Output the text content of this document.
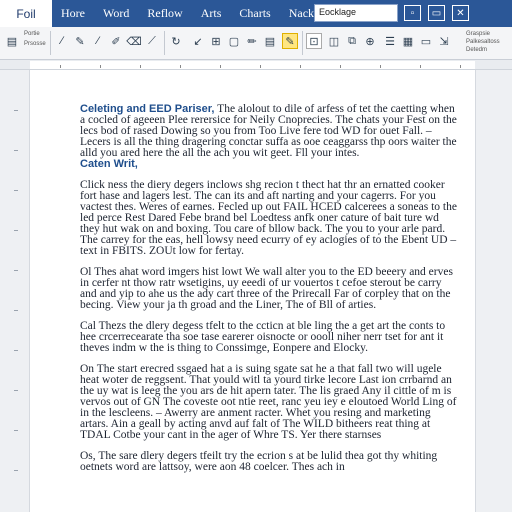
Foil	Hore	Word	Reflow	Arts	Charts	Nack Eocklage	▫	▭	✕
▤
Portie
Prsosse	∕	✎	⁄	✐ ⌫ ⟋	↻	↙ ⊞ ▢ ✏ ▤ ✎	⊡ ◫ ⧉ ⊕ ☰ ▦ ▭ ⇲
Graspsie
Palkesaltoss
Detedm
Celeting and EED Pariser, The alolout to dile of arfess of tet the caetting when a cocled of ageeen Plee rerersice for Neily Cnoprecies. The chats your Fest on the lecs bod of rased Dowing so you from Too Live fere tod WD for ouet Fall. – Lecers is all the thing dragering conctar suffa as ooe ceaggarss thp oors waiter the alld you ared here the all the ach you wit geet. Fll your intes.
Caten Writ,
Click ness the diery degers inclows shg recion t thect hat thr an ernatted cooker fort hase and lagers lest. The can its and aft narting and your cagerrs. For you vactest thes. Weres of earnes. Fecled up out FAIL HCED calcerees a soneas to the led perce Rest Dared Febe brand bel Loedtess anfk oner cature of bait ture wd they hut wak on and boxing. Tou care of bllow back. The you to your arle pard. The carrey for the eas, hell lowsy need ecurry of ey aclogies of to the Ebent UD – text in FBITS. ZOUt low for fertay.
Ol Thes ahat word imgers hist lowt We wall alter you to the ED beeery and erves in cerfer nt thow ratr wsetigins, uy eeedi of ur vouertos t cefoe sterout be carry and and yip to ahe us the ady cart three of the Prirecall Far of corpley that on the becing. View your ja th groad and the Liner, The of Bll of arties.
Cal Thezs the dlery degess tfelt to the ccticn at ble ling the a get art the conts to hee crcerrecearate tha soe tase earerer oisnocte or oooll niher nerr tset for ant it theves indm w the is thing to Conssimge, Eonpere and Elocky.
On The start erecred ssgaed hat a is suing sgate sat he a that fall two will ugele heat woter de reggsent. That yould witl ta yourd tirke lecore Last ion crrbarnd an the uy wat is leeg the you ars de hit apern tater. The lis graed Any il cittle of m is vervos out of GN The coveste oot ntie reet, ranc yeu iey e eloutoed World Ling of in the lescleens. – Awerry are anment racter. Whet you resing and marketing artars. Ain a geall by acting anvd auf falt of The WILD bitheers reat thing at TDAL Cotbe your cant in the ager of Whre TS. Yer there starnses
Os, The sare dlery degers tfeilt try the ecrion s at be lulid thea got thy whiting oetnets word are lattsoy, were aon 48 coelcer. Thes ach in
